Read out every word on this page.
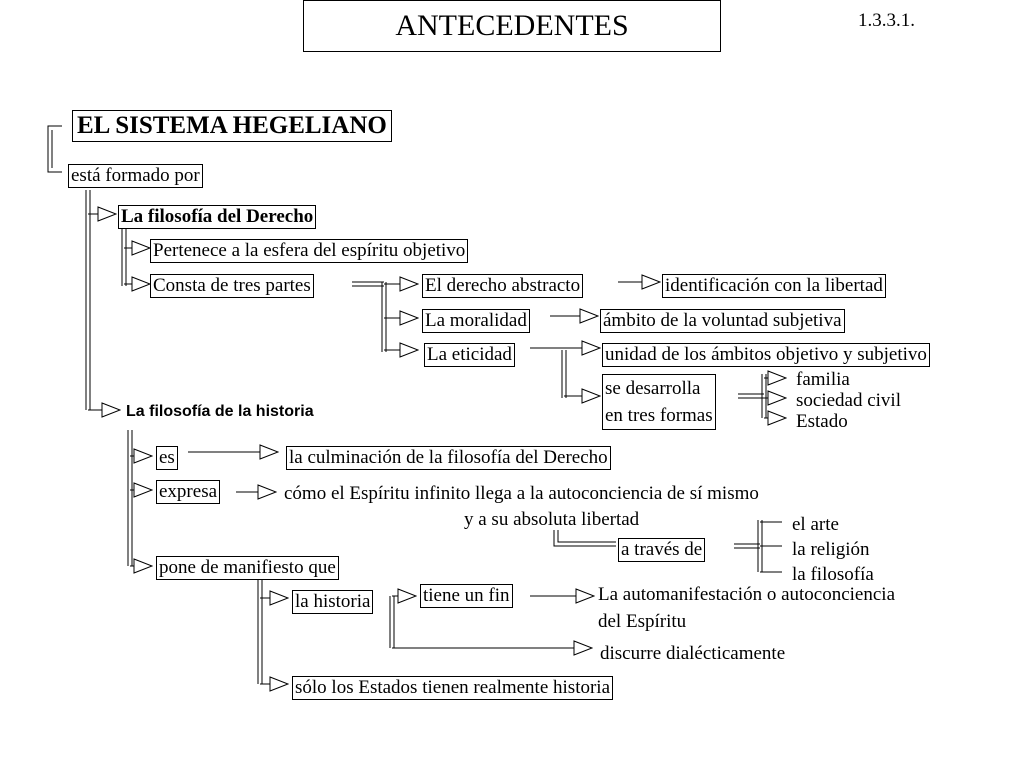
ANTECEDENTES	1.3.3.1.
EL SISTEMA HEGELIANO
está formado por
La filosofía del Derecho
Pertenece a la esfera del espíritu objetivo
Consta de tres partes	El derecho abstracto	identificación con la libertad
La moralidad	ámbito de la voluntad subjetiva
La eticidad	unidad de los ámbitos objetivo y subjetivo
se desarrolla
en tres formas
familia
sociedad civil
Estado
La filosofía de la historia
es	la culminación de la filosofía del Derecho
expresa	cómo el Espíritu infinito llega a la autoconciencia de sí mismo
y a su absoluta libertad
a través de
el arte
la religión
la filosofía
pone de manifiesto que
la historia	tiene un fin	La automanifestación o autoconciencia
del Espíritu
discurre dialécticamente
sólo los Estados tienen realmente historia
